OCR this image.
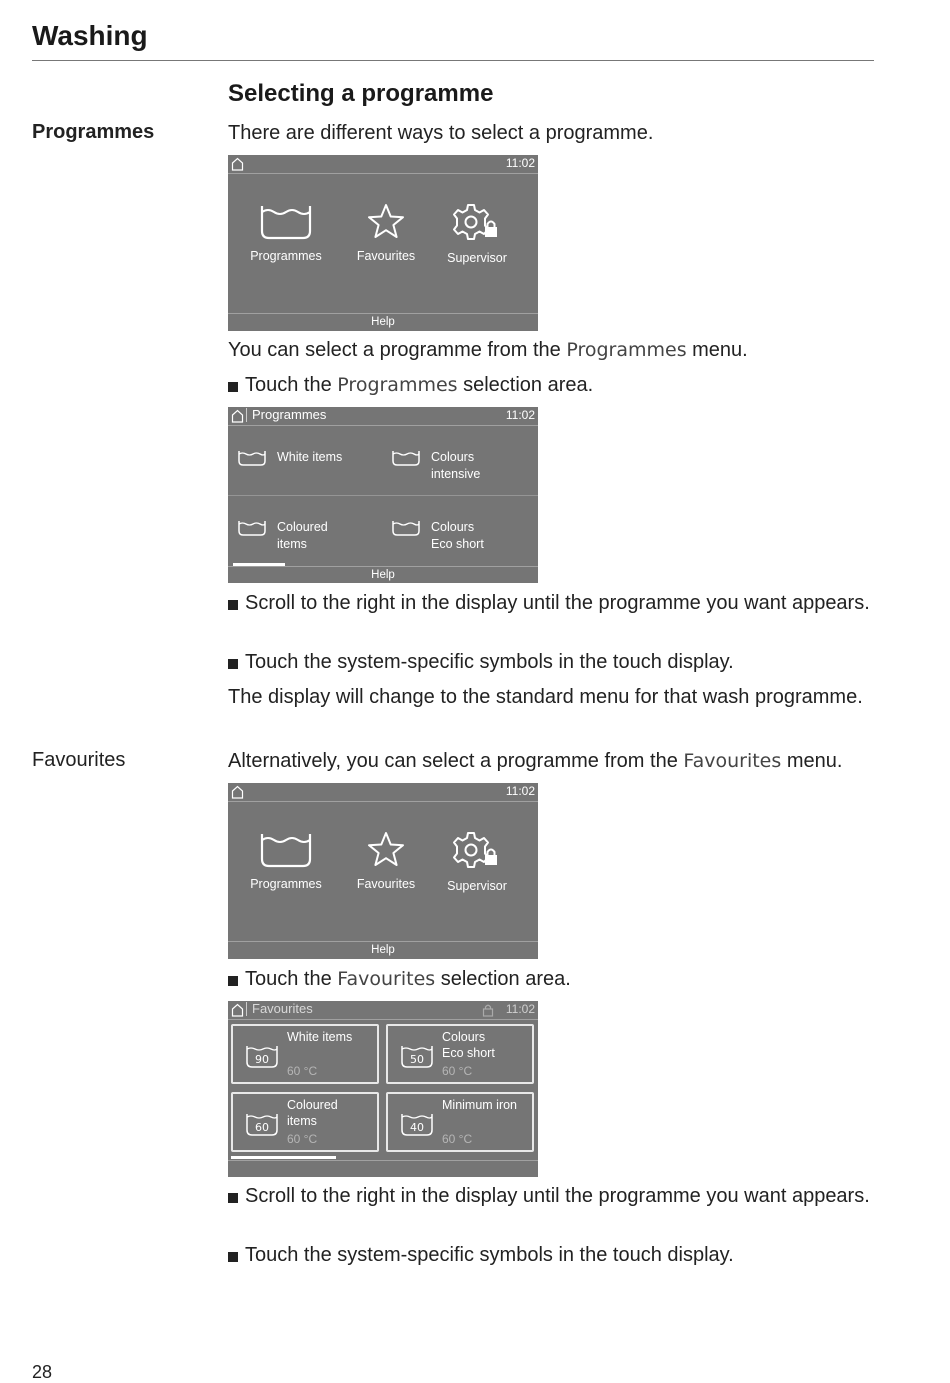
Washing
Selecting a programme
Programmes	There are different ways to select a programme.
11:02
Programmes	Favourites	Supervisor
Help
You can select a programme from the Programmes menu.
Touch the Programmes selection area.
Programmes	11:02
White items	Colours
intensive
Coloured
items
Colours
Eco short
Help
Scroll to the right in the display until the programme you want appears.
Touch the system-specific symbols in the touch display.
The display will change to the standard menu for that wash programme.
Favourites	Alternatively, you can select a programme from the Favourites menu.
11:02
Programmes	Favourites	Supervisor
Help
Touch the Favourites selection area.
Favourites	11:02
90
White items

60 °C
50
Colours
Eco short
60 °C
60
Coloured
items
60 °C
40
Minimum iron

60 °C
Scroll to the right in the display until the programme you want appears.
Touch the system-specific symbols in the touch display.
28
